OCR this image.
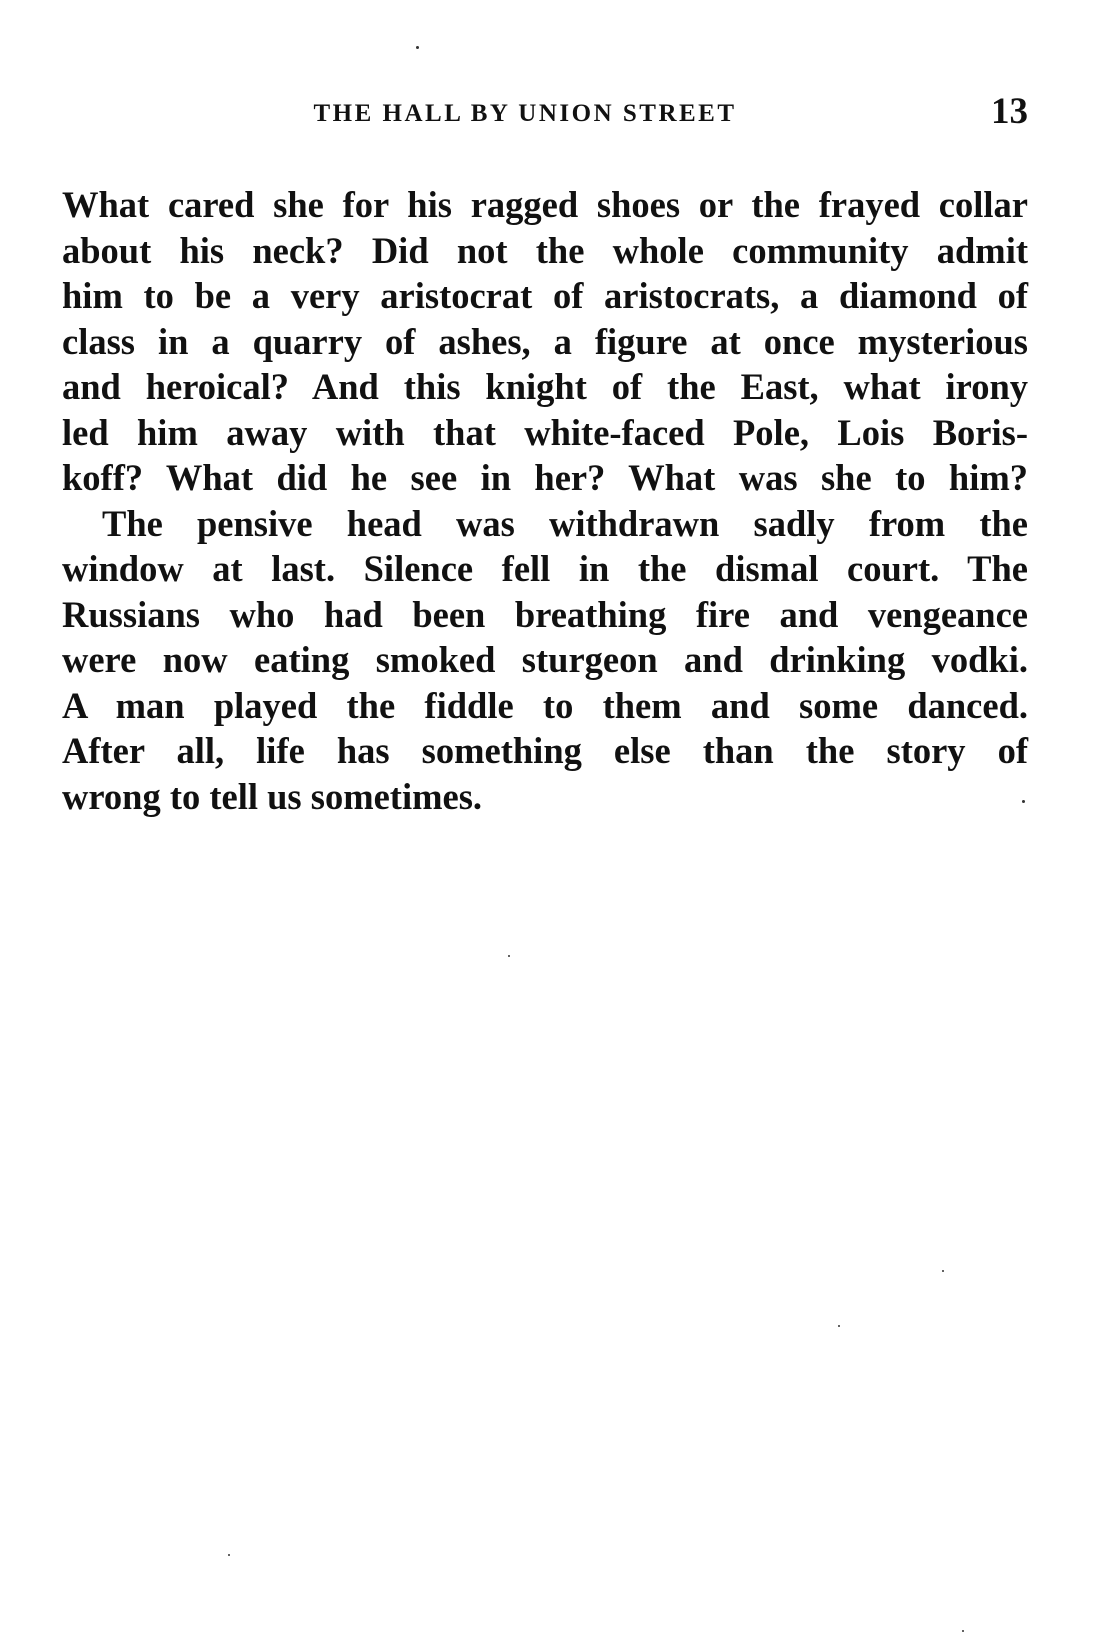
THE HALL BY UNION STREET	13
What cared she for his ragged shoes or the frayed collar
about his neck? Did not the whole community admit
him to be a very aristocrat of aristocrats, a diamond of
class in a quarry of ashes, a figure at once mysterious
and heroical? And this knight of the East, what irony
led him away with that white-faced Pole, Lois Boris-
koff? What did he see in her? What was she to him?
The pensive head was withdrawn sadly from the
window at last. Silence fell in the dismal court. The
Russians who had been breathing fire and vengeance
were now eating smoked sturgeon and drinking vodki.
A man played the fiddle to them and some danced.
After all, life has something else than the story of
wrong to tell us sometimes.
